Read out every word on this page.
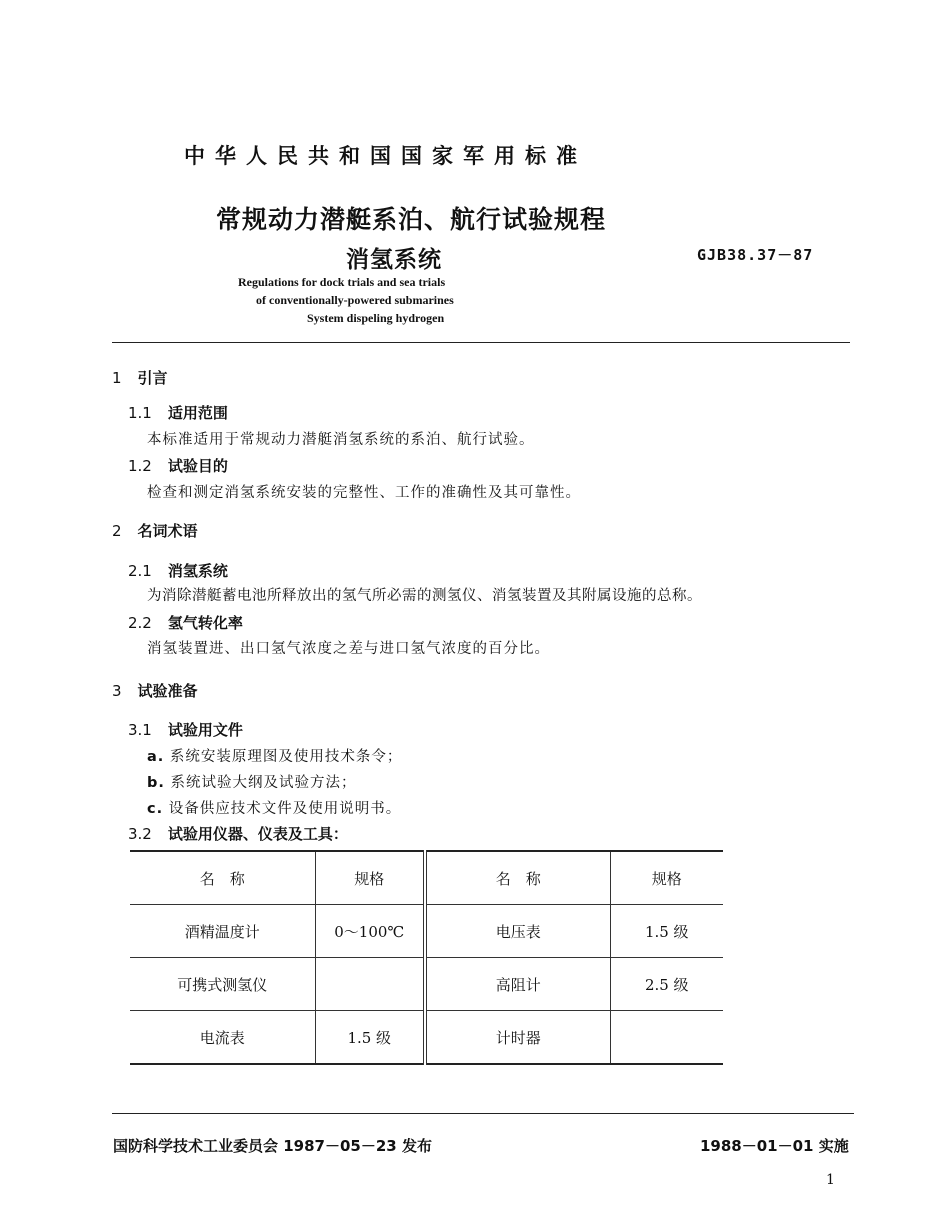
中华人民共和国国家军用标准
常规动力潜艇系泊、航行试验规程
消氢系统	GJB38.37－87
Regulations for dock trials and sea trials
of conventionally-powered submarines
System dispeling hydrogen
1 引言
1.1 适用范围
本标准适用于常规动力潜艇消氢系统的系泊、航行试验。
1.2 试验目的
检查和测定消氢系统安装的完整性、工作的准确性及其可靠性。
2 名词术语
2.1 消氢系统
为消除潜艇蓄电池所释放出的氢气所必需的测氢仪、消氢装置及其附属设施的总称。
2.2 氢气转化率
消氢装置进、出口氢气浓度之差与进口氢气浓度的百分比。
3 试验准备
3.1 试验用文件
a. 系统安装原理图及使用技术条令；
b. 系统试验大纲及试验方法；
c. 设备供应技术文件及使用说明书。
3.2 试验用仪器、仪表及工具：
名　称	规格	名　称	规格
酒精温度计	0～100℃	电压表	1.5 级
可携式测氢仪		高阻计	2.5 级
电流表	1.5 级	计时器	
国防科学技术工业委员会 1987－05－23 发布	1988－01－01 实施
1
